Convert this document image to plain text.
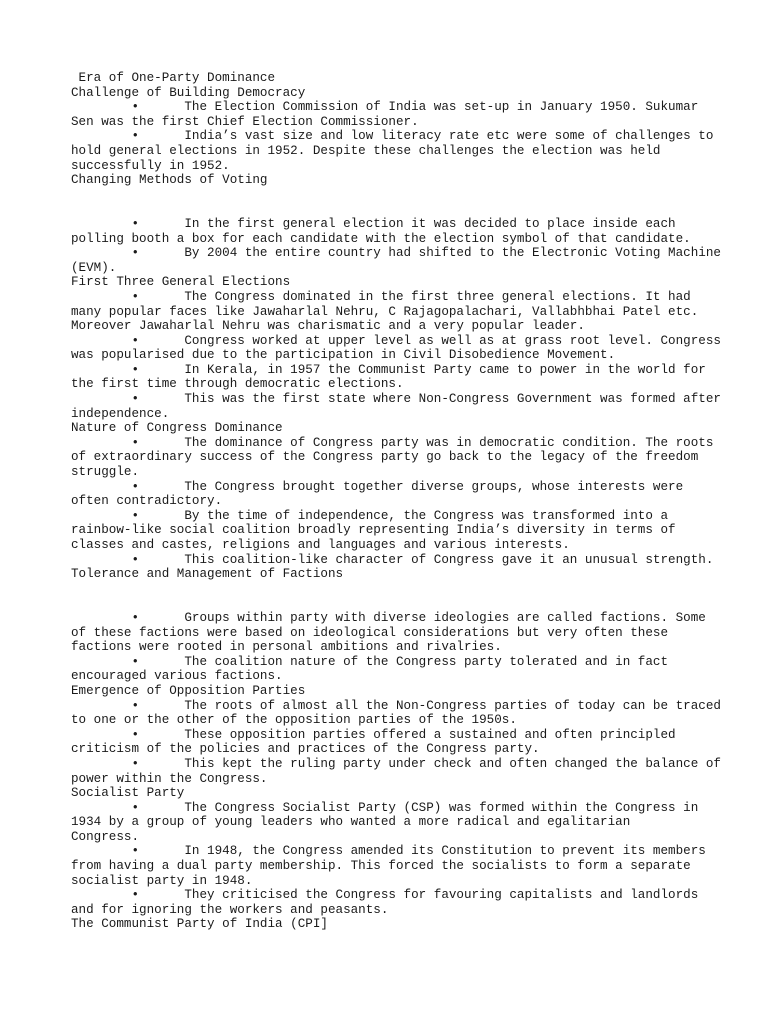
Era of One-Party Dominance
Challenge of Building Democracy
•      The Election Commission of India was set-up in January 1950. Sukumar
Sen was the first Chief Election Commissioner.
•      India’s vast size and low literacy rate etc were some of challenges to
hold general elections in 1952. Despite these challenges the election was held
successfully in 1952.
Changing Methods of Voting
•      In the first general election it was decided to place inside each
polling booth a box for each candidate with the election symbol of that candidate.
•      By 2004 the entire country had shifted to the Electronic Voting Machine
(EVM).
First Three General Elections
•      The Congress dominated in the first three general elections. It had
many popular faces like Jawaharlal Nehru, C Rajagopalachari, Vallabhbhai Patel etc.
Moreover Jawaharlal Nehru was charismatic and a very popular leader.
•      Congress worked at upper level as well as at grass root level. Congress
was popularised due to the participation in Civil Disobedience Movement.
•      In Kerala, in 1957 the Communist Party came to power in the world for
the first time through democratic elections.
•      This was the first state where Non-Congress Government was formed after
independence.
Nature of Congress Dominance
•      The dominance of Congress party was in democratic condition. The roots
of extraordinary success of the Congress party go back to the legacy of the freedom
struggle.
•      The Congress brought together diverse groups, whose interests were
often contradictory.
•      By the time of independence, the Congress was transformed into a
rainbow-like social coalition broadly representing India’s diversity in terms of
classes and castes, religions and languages and various interests.
•      This coalition-like character of Congress gave it an unusual strength.
Tolerance and Management of Factions
•      Groups within party with diverse ideologies are called factions. Some
of these factions were based on ideological considerations but very often these
factions were rooted in personal ambitions and rivalries.
•      The coalition nature of the Congress party tolerated and in fact
encouraged various factions.
Emergence of Opposition Parties
•      The roots of almost all the Non-Congress parties of today can be traced
to one or the other of the opposition parties of the 1950s.
•      These opposition parties offered a sustained and often principled
criticism of the policies and practices of the Congress party.
•      This kept the ruling party under check and often changed the balance of
power within the Congress.
Socialist Party
•      The Congress Socialist Party (CSP) was formed within the Congress in
1934 by a group of young leaders who wanted a more radical and egalitarian
Congress.
•      In 1948, the Congress amended its Constitution to prevent its members
from having a dual party membership. This forced the socialists to form a separate
socialist party in 1948.
•      They criticised the Congress for favouring capitalists and landlords
and for ignoring the workers and peasants.
The Communist Party of India (CPI]
